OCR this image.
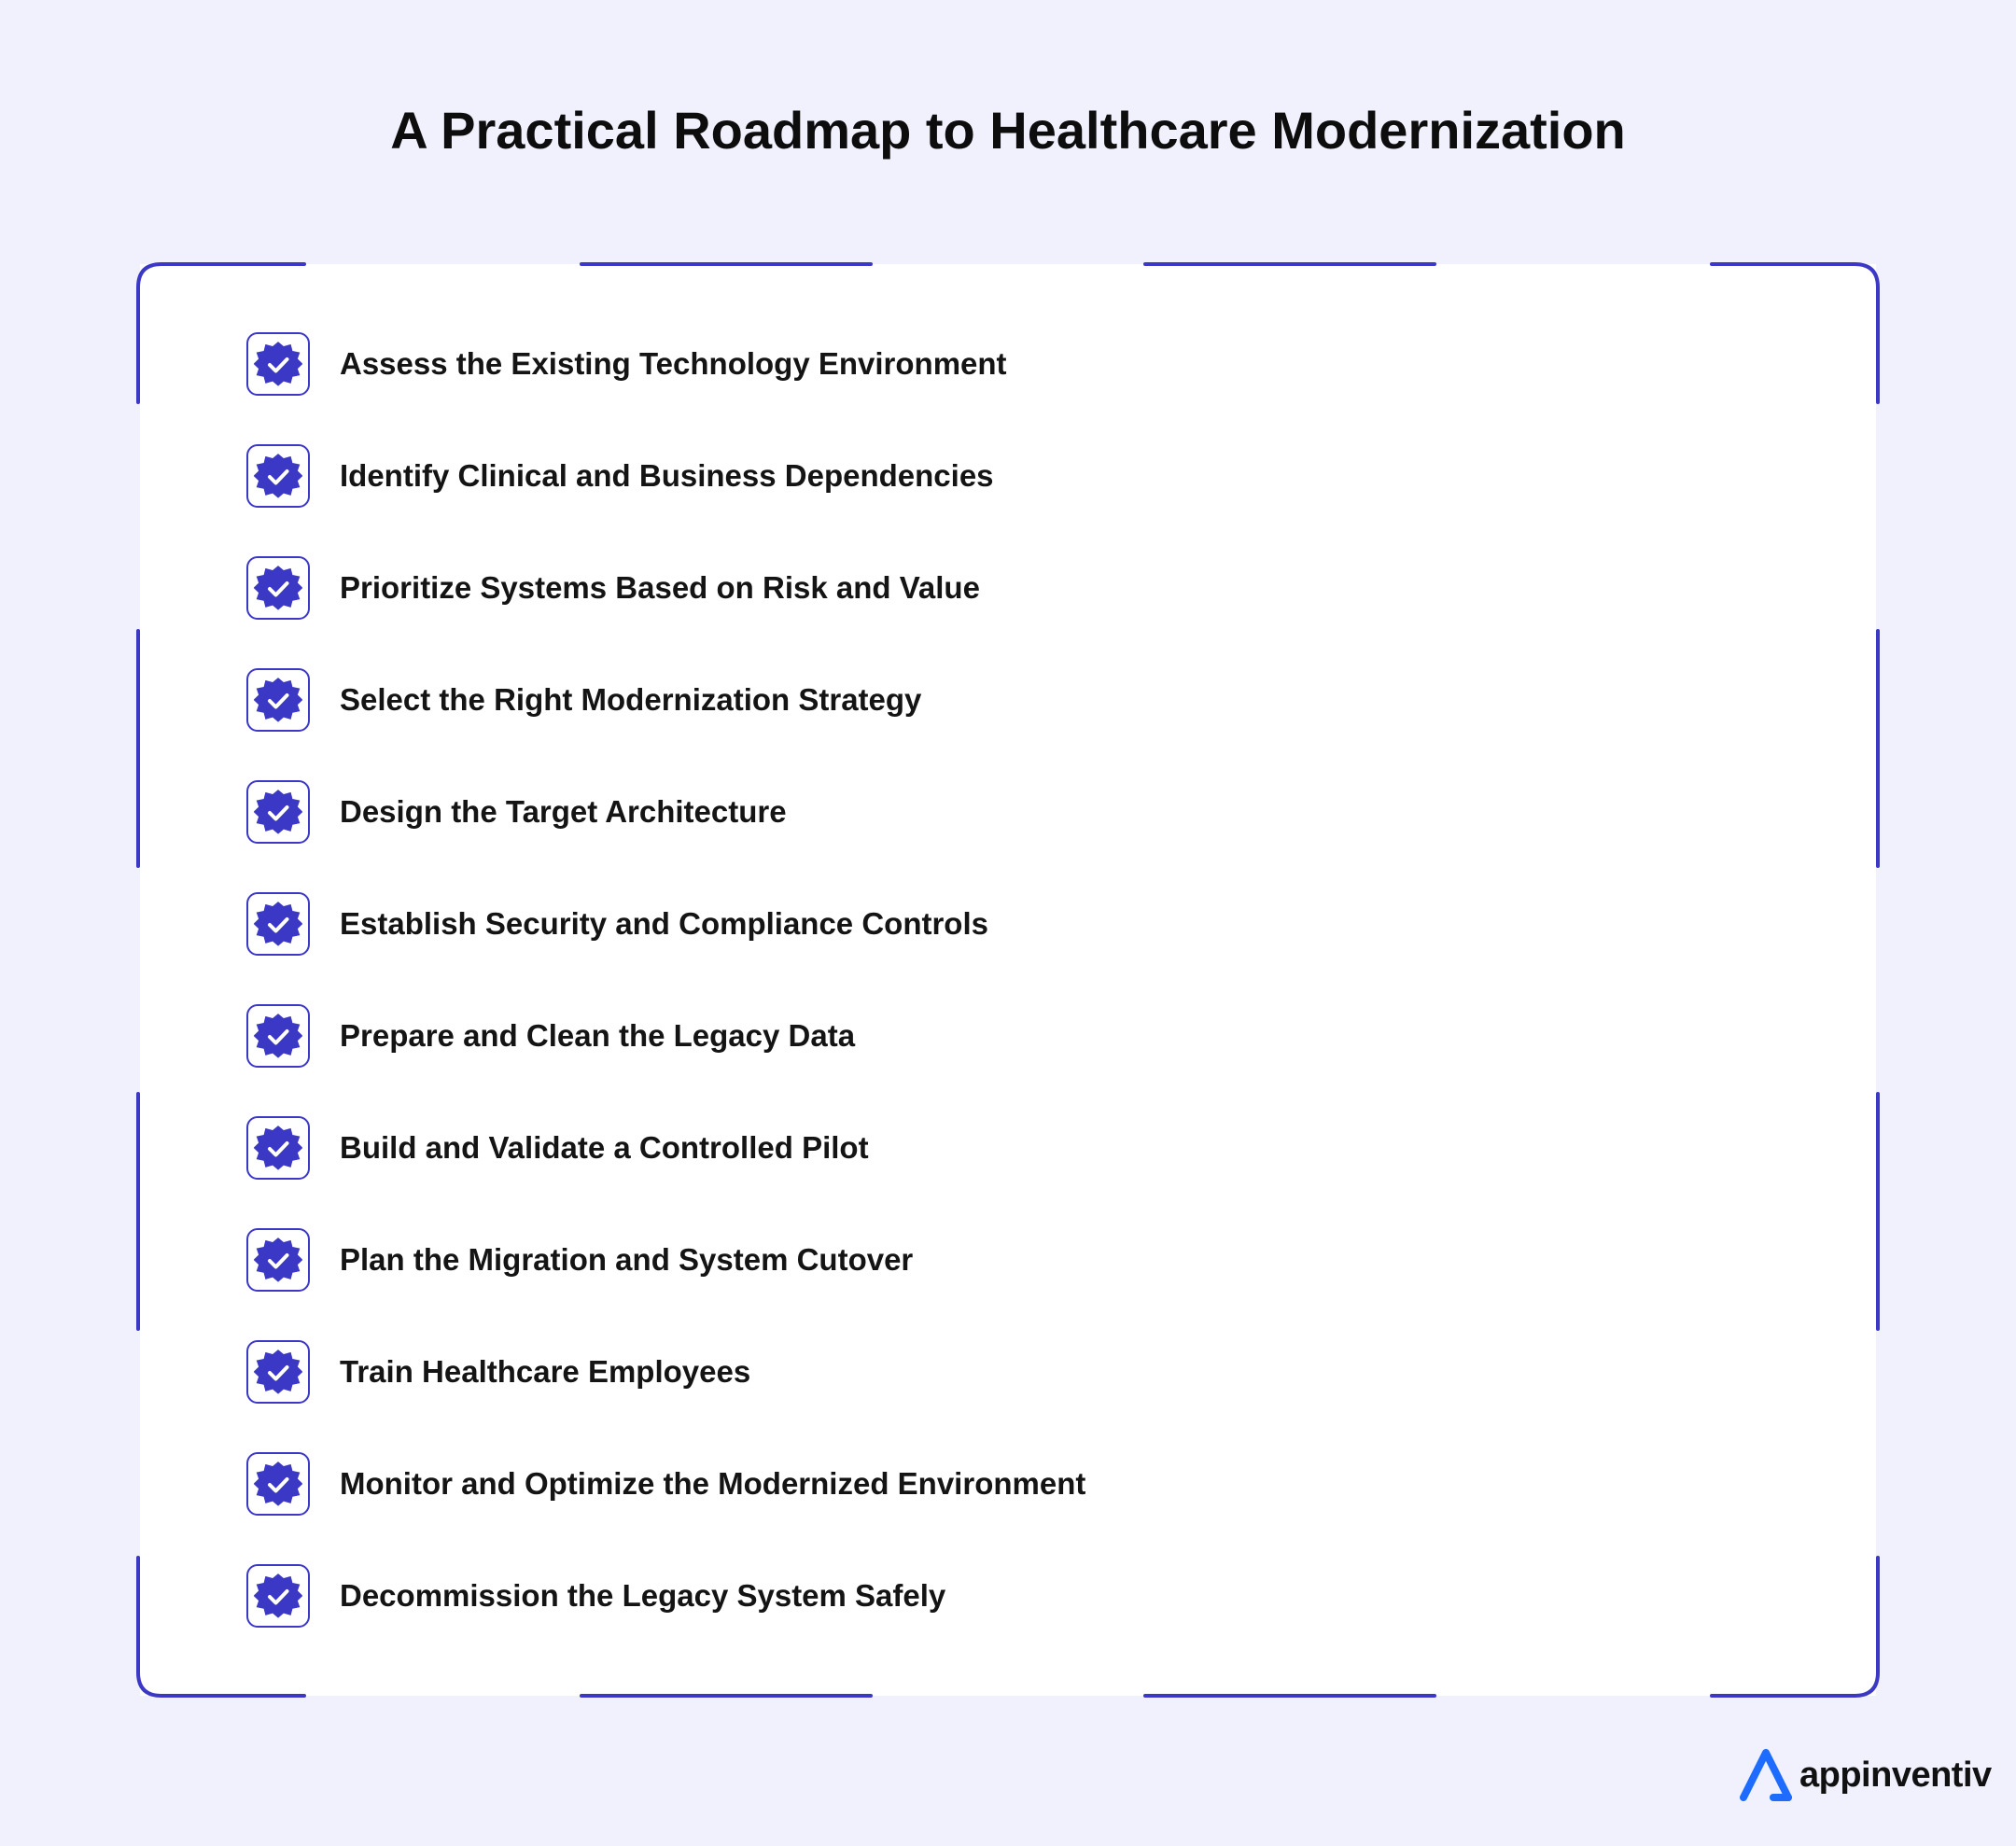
A Practical Roadmap to Healthcare Modernization
Assess the Existing Technology Environment
Identify Clinical and Business Dependencies
Prioritize Systems Based on Risk and Value
Select the Right Modernization Strategy
Design the Target Architecture
Establish Security and Compliance Controls
Prepare and Clean the Legacy Data
Build and Validate a Controlled Pilot
Plan the Migration and System Cutover
Train Healthcare Employees
Monitor and Optimize the Modernized Environment
Decommission the Legacy System Safely
appinventiv
